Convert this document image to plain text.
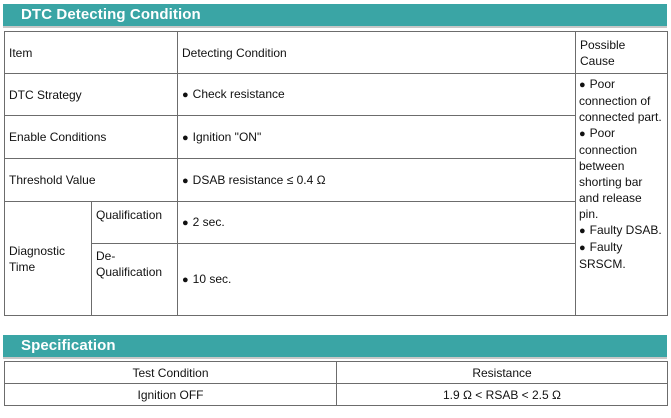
DTC Detecting Condition
Item		Detecting Condition	Possible Cause
DTC Strategy		● Check resistance	● Poor connection of connected part.
● Poor connection between shorting bar and release pin.
● Faulty DSAB.
● Faulty SRSCM.

Enable Conditions		● Ignition "ON"	
Threshold Value		● DSAB resistance ≤ 0.4 Ω	
Diagnostic Time	Qualification	● 2 sec.	
	De-Qualification	● 10 sec.	
Specification
Test Condition	Resistance
Ignition OFF	1.9 Ω < RSAB < 2.5 Ω
